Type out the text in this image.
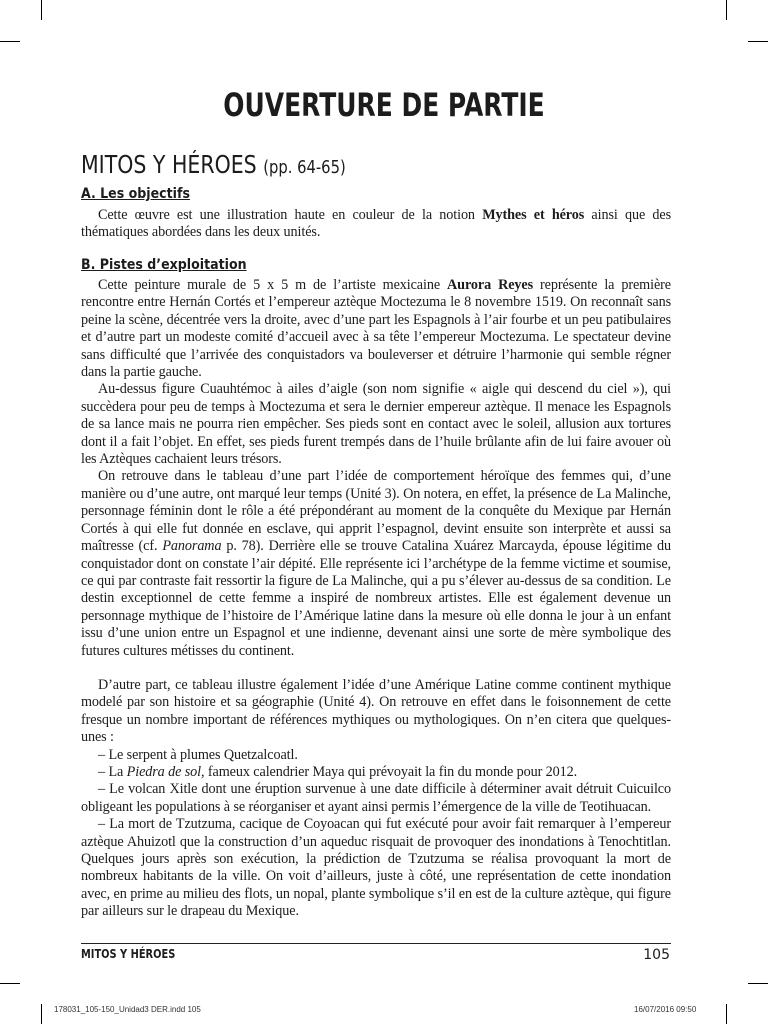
OUVERTURE DE PARTIE
MITOS Y HÉROES (pp. 64-65)
A. Les objectifs

Cette œuvre est une illustration haute en couleur de la notion Mythes et héros ainsi que des thématiques abordées dans les deux unités.

B. Pistes d’exploitation

Cette peinture murale de 5 x 5 m de l’artiste mexicaine Aurora Reyes représente la première rencontre entre Hernán Cortés et l’empereur aztèque Moctezuma le 8 novembre 1519. On reconnaît sans peine la scène, décentrée vers la droite, avec d’une part les Espagnols à l’air fourbe et un peu patibulaires et d’autre part un modeste comité d’accueil avec à sa tête l’empereur Moctezuma. Le spectateur devine sans difficulté que l’arrivée des conquistadors va bouleverser et détruire l’harmonie qui semble régner dans la partie gauche.

Au-dessus figure Cuauhtémoc à ailes d’aigle (son nom signifie « aigle qui descend du ciel »), qui succèdera pour peu de temps à Moctezuma et sera le dernier empereur aztèque. Il menace les Espagnols de sa lance mais ne pourra rien empêcher. Ses pieds sont en contact avec le soleil, allusion aux tortures dont il a fait l’objet. En effet, ses pieds furent trempés dans de l’huile brûlante afin de lui faire avouer où les Aztèques cachaient leurs trésors.

On retrouve dans le tableau d’une part l’idée de comportement héroïque des femmes qui, d’une manière ou d’une autre, ont marqué leur temps (Unité 3). On notera, en effet, la présence de La Malinche, personnage féminin dont le rôle a été prépondérant au moment de la conquête du Mexique par Hernán Cortés à qui elle fut donnée en esclave, qui apprit l’espagnol, devint ensuite son interprète et aussi sa maîtresse (cf. Panorama p. 78). Derrière elle se trouve Catalina Xuárez Marcayda, épouse légitime du conquistador dont on constate l’air dépité. Elle représente ici l’archétype de la femme victime et soumise, ce qui par contraste fait ressortir la figure de La Malinche, qui a pu s’élever au-dessus de sa condition. Le destin exceptionnel de cette femme a inspiré de nombreux artistes. Elle est également devenue un personnage mythique de l’histoire de l’Amérique latine dans la mesure où elle donna le jour à un enfant issu d’une union entre un Espagnol et une indienne, devenant ainsi une sorte de mère symbolique des futures cultures métisses du continent.

D’autre part, ce tableau illustre également l’idée d’une Amérique Latine comme continent mythique modelé par son histoire et sa géographie (Unité 4). On retrouve en effet dans le foisonnement de cette fresque un nombre important de références mythiques ou mythologiques. On n’en citera que quelques-unes :

– Le serpent à plumes Quetzalcoatl.

– La Piedra de sol, fameux calendrier Maya qui prévoyait la fin du monde pour 2012.

– Le volcan Xitle dont une éruption survenue à une date difficile à déterminer avait détruit Cuicuilco obligeant les populations à se réorganiser et ayant ainsi permis l’émergence de la ville de Teotihuacan.

– La mort de Tzutzuma, cacique de Coyoacan qui fut exécuté pour avoir fait remarquer à l’empereur aztèque Ahuizotl que la construction d’un aqueduc risquait de provoquer des inondations à Tenochtitlan. Quelques jours après son exécution, la prédiction de Tzutzuma se réalisa provoquant la mort de nombreux habitants de la ville. On voit d’ailleurs, juste à côté, une représentation de cette inondation avec, en prime au milieu des flots, un nopal, plante symbolique s’il en est de la culture aztèque, qui figure par ailleurs sur le drapeau du Mexique.

MITOS Y HÉROES	105
178031_105-150_Unidad3 DER.indd 105	16/07/2016 09:50
